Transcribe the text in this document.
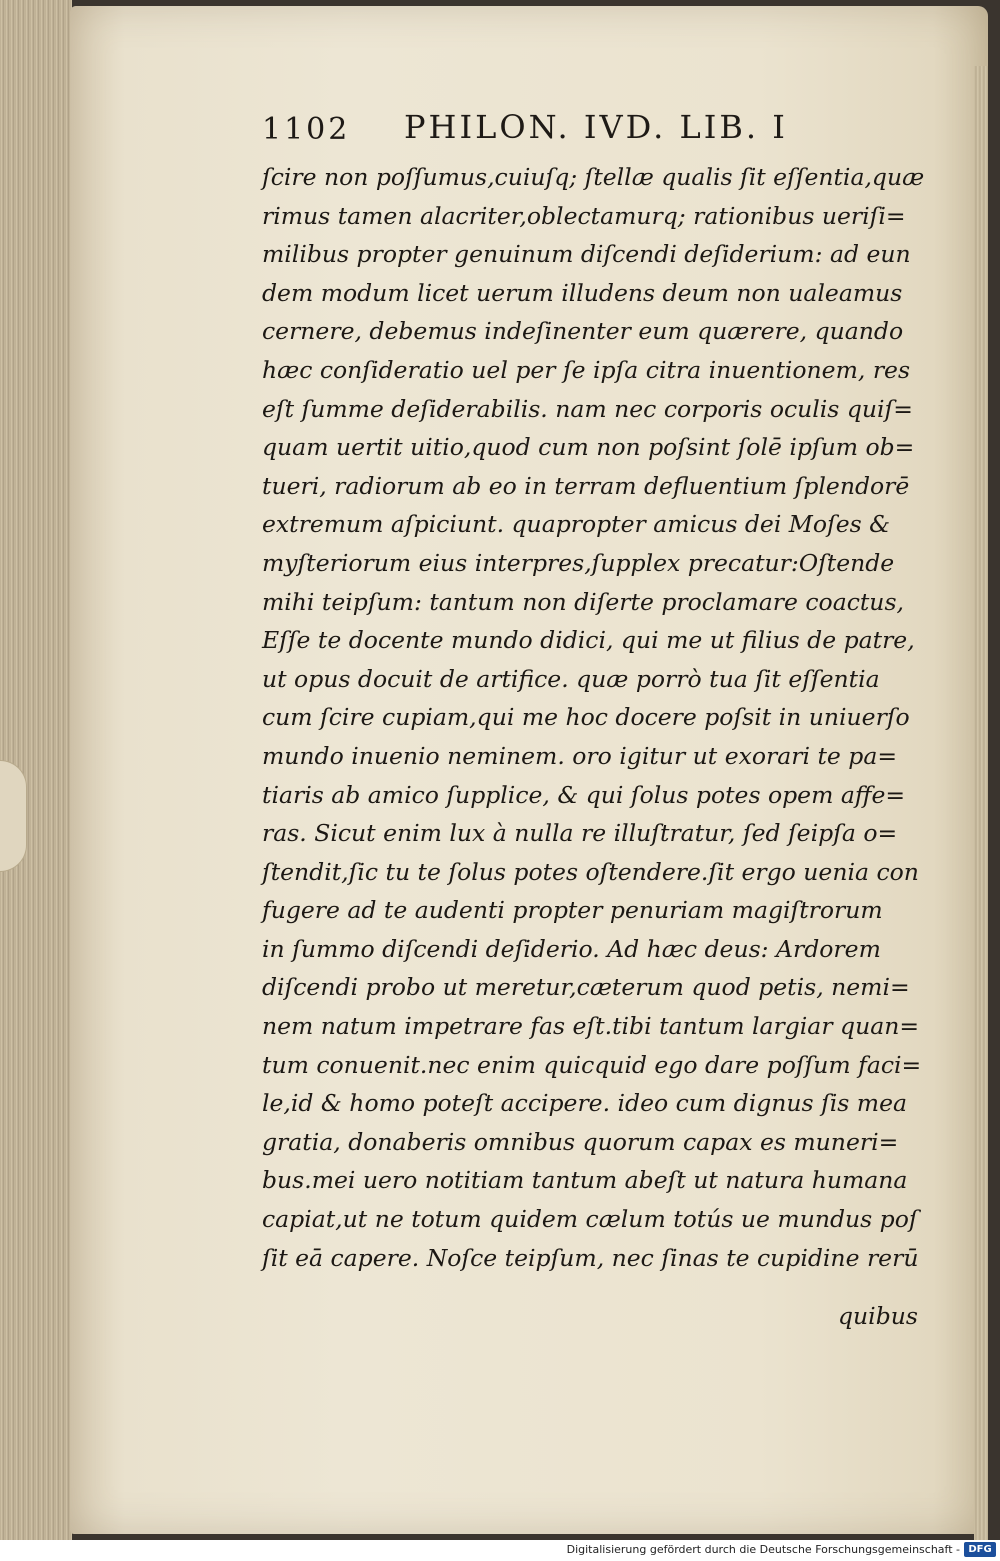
1102 PHILON. IVD. LIB. I
ſcire non poſſumus,cuiuſq; ſtellæ qualis ſit eſſentia,quæ
rimus tamen alacriter,oblectamurq; rationibus ueriſi=
milibus propter genuinum diſcendi deſiderium: ad eun
dem modum licet uerum illudens deum non ualeamus
cernere, debemus indeſinenter eum quærere, quando
hæc conſideratio uel per ſe ipſa citra inuentionem, res
eſt ſumme deſiderabilis. nam nec corporis oculis quiſ=
quam uertit uitio,quod cum non poſsint ſolē ipſum ob=
tueri, radiorum ab eo in terram defluentium ſplendorē
extremum aſpiciunt. quapropter amicus dei Moſes &
myſteriorum eius interpres,ſupplex precatur:Oſtende
mihi teipſum: tantum non diſerte proclamare coactus,
Eſſe te docente mundo didici, qui me ut filius de patre,
ut opus docuit de artifice. quæ porrò tua ſit eſſentia
cum ſcire cupiam,qui me hoc docere poſsit in uniuerſo
mundo inuenio neminem. oro igitur ut exorari te pa=
tiaris ab amico ſupplice, & qui ſolus potes opem affe=
ras. Sicut enim lux à nulla re illuſtratur, ſed ſeipſa o=
ſtendit,ſic tu te ſolus potes oſtendere.ſit ergo uenia con
fugere ad te audenti propter penuriam magiſtrorum
in ſummo diſcendi deſiderio. Ad hæc deus: Ardorem
diſcendi probo ut meretur,cæterum quod petis, nemi=
nem natum impetrare fas eſt.tibi tantum largiar quan=
tum conuenit.nec enim quicquid ego dare poſſum faci=
le,id & homo poteſt accipere. ideo cum dignus ſis mea
gratia, donaberis omnibus quorum capax es muneri=
bus.mei uero notitiam tantum abeſt ut natura humana
capiat,ut ne totum quidem cælum totús ue mundus poſ
ſit eā capere. Noſce teipſum, nec ſinas te cupidine rerū
quibus
Digitalisierung gefördert durch die Deutsche Forschungsgemeinschaft - DFG
